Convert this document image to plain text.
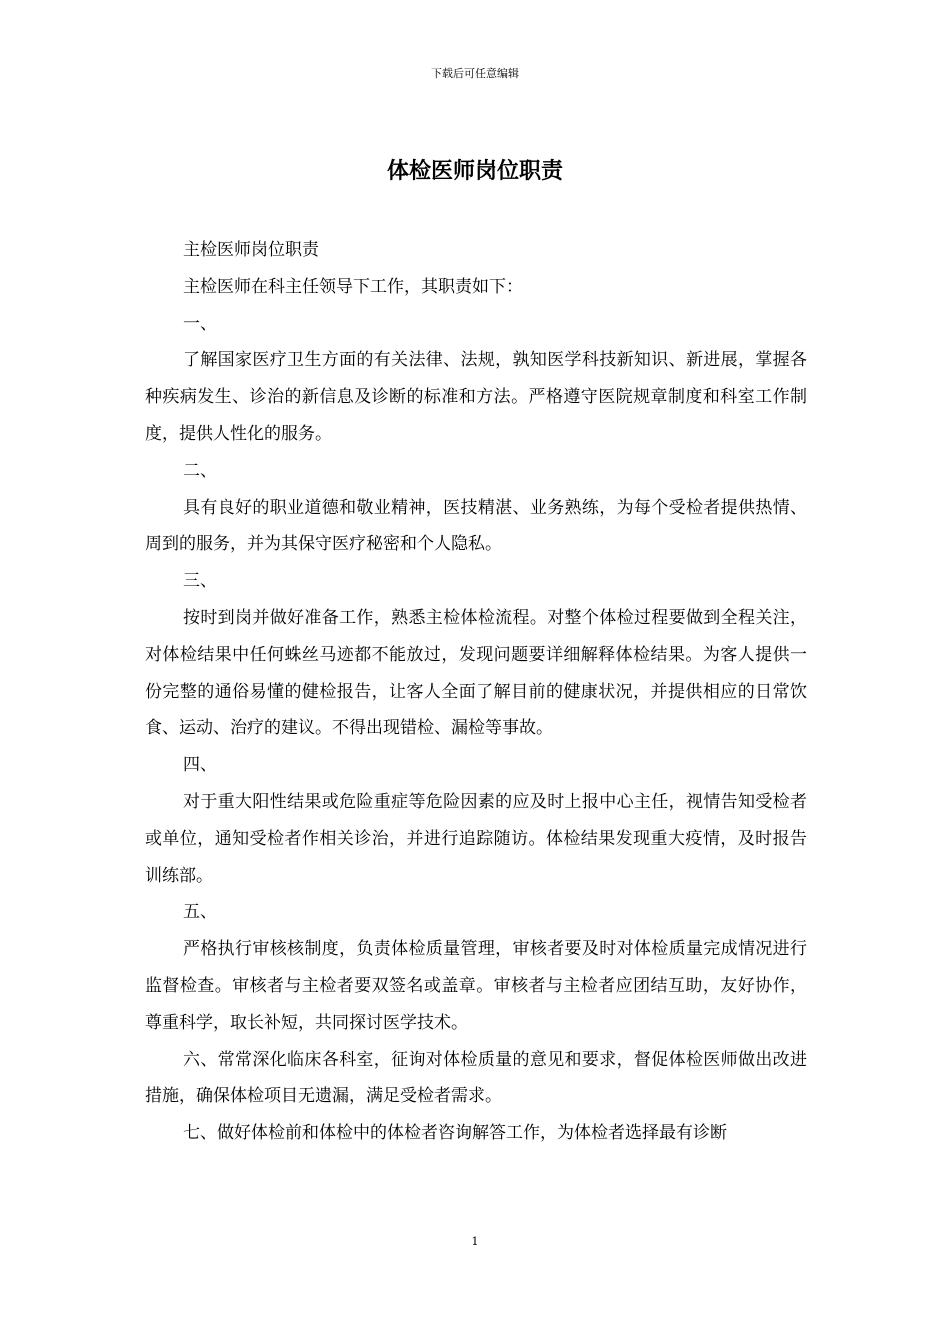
下载后可任意编辑
体检医师岗位职责

主检医师岗位职责

主检医师在科主任领导下工作，其职责如下：

一、

了解国家医疗卫生方面的有关法律、法规，孰知医学科技新知识、新进展，掌握各种疾病发生、诊治的新信息及诊断的标准和方法。严格遵守医院规章制度和科室工作制度，提供人性化的服务。

二、

具有良好的职业道德和敬业精神，医技精湛、业务熟练，为每个受检者提供热情、周到的服务，并为其保守医疗秘密和个人隐私。

三、

按时到岗并做好准备工作，熟悉主检体检流程。对整个体检过程要做到全程关注，对体检结果中任何蛛丝马迹都不能放过，发现问题要详细解释体检结果。为客人提供一份完整的通俗易懂的健检报告，让客人全面了解目前的健康状况，并提供相应的日常饮食、运动、治疗的建议。不得出现错检、漏检等事故。

四、

对于重大阳性结果或危险重症等危险因素的应及时上报中心主任，视情告知受检者或单位，通知受检者作相关诊治，并进行追踪随访。体检结果发现重大疫情，及时报告训练部。

五、

严格执行审核核制度，负责体检质量管理，审核者要及时对体检质量完成情况进行监督检查。审核者与主检者要双签名或盖章。审核者与主检者应团结互助，友好协作，尊重科学，取长补短，共同探讨医学技术。

六、常常深化临床各科室，征询对体检质量的意见和要求，督促体检医师做出改进措施，确保体检项目无遗漏，满足受检者需求。

七、做好体检前和体检中的体检者咨询解答工作，为体检者选择最有诊断

1
